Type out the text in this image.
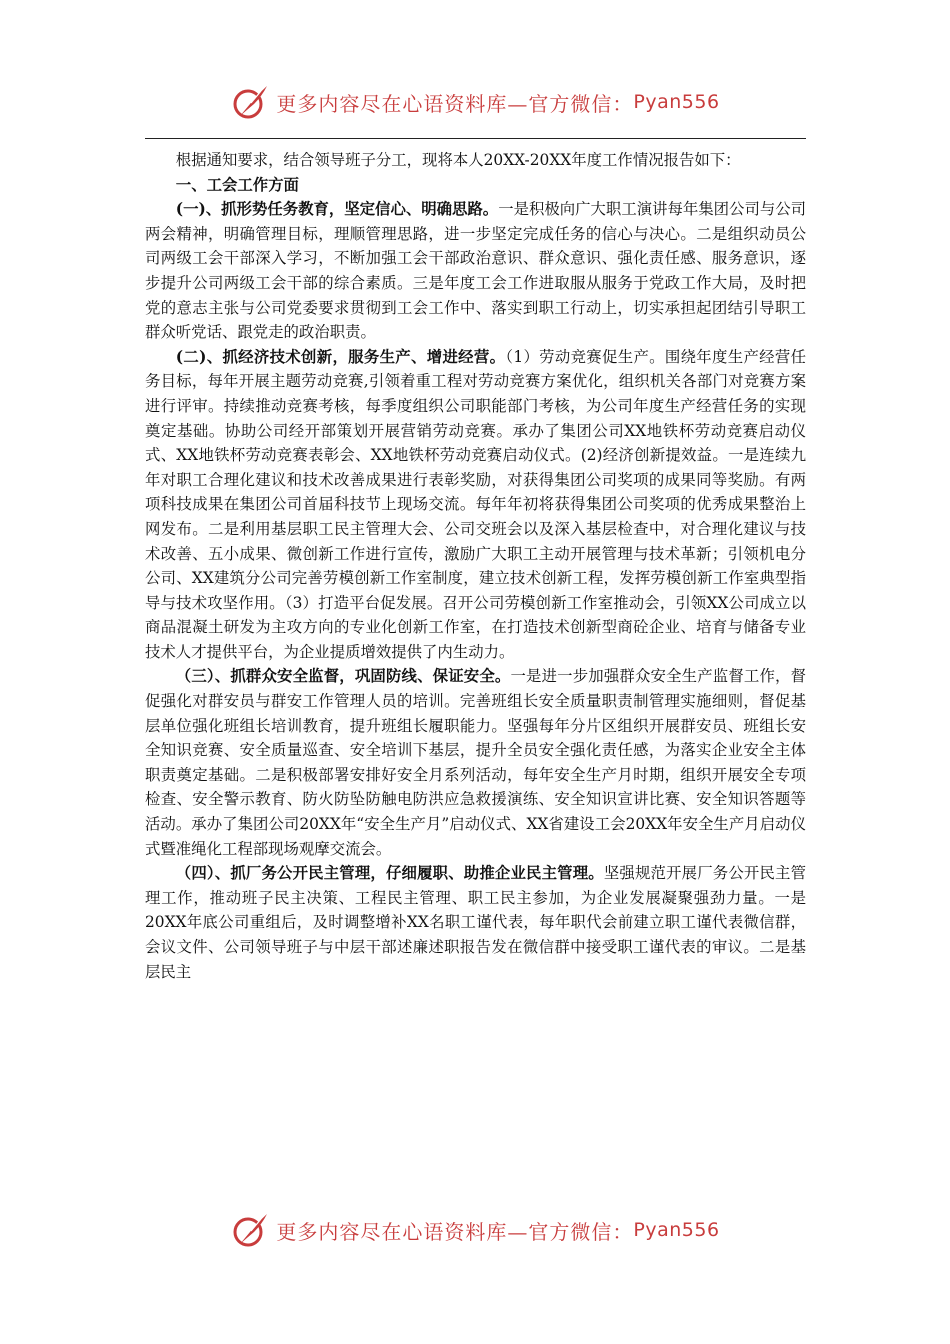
更多内容尽在心语资料库—官方微信： Pyan556

根据通知要求，结合领导班子分工，现将本人20XX-20XX年度工作情况报告如下：

一、工会工作方面

(一)、抓形势任务教育，坚定信心、明确思路。一是积极向广大职工演讲每年集团公司与公司两会精神，明确管理目标，理顺管理思路，进一步坚定完成任务的信心与决心。二是组织动员公司两级工会干部深入学习，不断加强工会干部政治意识、群众意识、强化责任感、服务意识，逐步提升公司两级工会干部的综合素质。三是年度工会工作进取服从服务于党政工作大局，及时把党的意志主张与公司党委要求贯彻到工会工作中、落实到职工行动上，切实承担起团结引导职工群众听党话、跟党走的政治职责。

(二)、抓经济技术创新，服务生产、增进经营。（1）劳动竞赛促生产。围绕年度生产经营任务目标，每年开展主题劳动竞赛,引领着重工程对劳动竞赛方案优化，组织机关各部门对竞赛方案进行评审。持续推动竞赛考核，每季度组织公司职能部门考核，为公司年度生产经营任务的实现奠定基础。协助公司经开部策划开展营销劳动竞赛。承办了集团公司XX地铁杯劳动竞赛启动仪式、XX地铁杯劳动竞赛表彰会、XX地铁杯劳动竞赛启动仪式。(2)经济创新提效益。一是连续九年对职工合理化建议和技术改善成果进行表彰奖励，对获得集团公司奖项的成果同等奖励。有两项科技成果在集团公司首届科技节上现场交流。每年年初将获得集团公司奖项的优秀成果整治上网发布。二是利用基层职工民主管理大会、公司交班会以及深入基层检查中，对合理化建议与技术改善、五小成果、微创新工作进行宣传，激励广大职工主动开展管理与技术革新；引领机电分公司、XX建筑分公司完善劳模创新工作室制度，建立技术创新工程，发挥劳模创新工作室典型指导与技术攻坚作用。（3）打造平台促发展。召开公司劳模创新工作室推动会，引领XX公司成立以商品混凝土研发为主攻方向的专业化创新工作室，在打造技术创新型商砼企业、培育与储备专业技术人才提供平台，为企业提质增效提供了内生动力。

（三）、抓群众安全监督，巩固防线、保证安全。一是进一步加强群众安全生产监督工作，督促强化对群安员与群安工作管理人员的培训。完善班组长安全质量职责制管理实施细则，督促基层单位强化班组长培训教育，提升班组长履职能力。坚强每年分片区组织开展群安员、班组长安全知识竞赛、安全质量巡查、安全培训下基层，提升全员安全强化责任感，为落实企业安全主体职责奠定基础。二是积极部署安排好安全月系列活动，每年安全生产月时期，组织开展安全专项检查、安全警示教育、防火防坠防触电防洪应急救援演练、安全知识宣讲比赛、安全知识答题等活动。承办了集团公司20XX年“安全生产月”启动仪式、XX省建设工会20XX年安全生产月启动仪式暨准绳化工程部现场观摩交流会。

（四）、抓厂务公开民主管理，仔细履职、助推企业民主管理。坚强规范开展厂务公开民主管理工作，推动班子民主决策、工程民主管理、职工民主参加，为企业发展凝聚强劲力量。一是20XX年底公司重组后，及时调整增补XX名职工谨代表，每年职代会前建立职工谨代表微信群，会议文件、公司领导班子与中层干部述廉述职报告发在微信群中接受职工谨代表的审议。二是基层民主

更多内容尽在心语资料库—官方微信： Pyan556
